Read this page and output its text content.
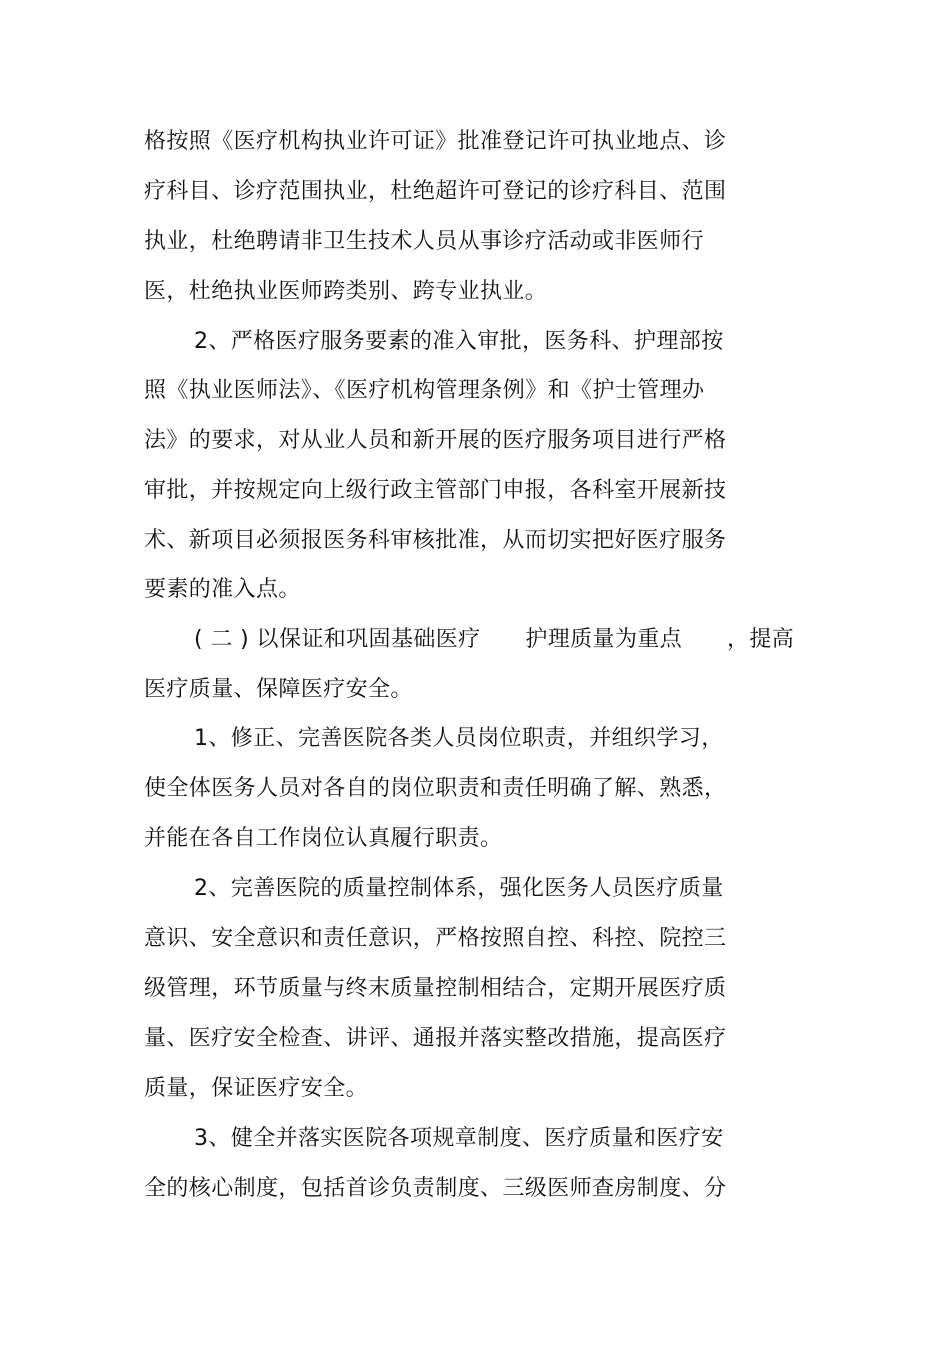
格按照《医疗机构执业许可证》批准登记许可执业地点、诊
疗科目、诊疗范围执业，杜绝超许可登记的诊疗科目、范围
执业，杜绝聘请非卫生技术人员从事诊疗活动或非医师行
医，杜绝执业医师跨类别、跨专业执业。
2、严格医疗服务要素的准入审批，医务科、护理部按
照《执业医师法》、《医疗机构管理条例》和《护士管理办
法》的要求，对从业人员和新开展的医疗服务项目进行严格
审批，并按规定向上级行政主管部门申报，各科室开展新技
术、新项目必须报医务科审核批准，从而切实把好医疗服务
要素的准入点。
( 二 ) 以保证和巩固基础医疗　　护理质量为重点　　，提高
医疗质量、保障医疗安全。
1、修正、完善医院各类人员岗位职责，并组织学习，
使全体医务人员对各自的岗位职责和责任明确了解、熟悉，
并能在各自工作岗位认真履行职责。
2、完善医院的质量控制体系，强化医务人员医疗质量
意识、安全意识和责任意识，严格按照自控、科控、院控三
级管理，环节质量与终末质量控制相结合，定期开展医疗质
量、医疗安全检查、讲评、通报并落实整改措施，提高医疗
质量，保证医疗安全。
3、健全并落实医院各项规章制度、医疗质量和医疗安
全的核心制度，包括首诊负责制度、三级医师查房制度、分
